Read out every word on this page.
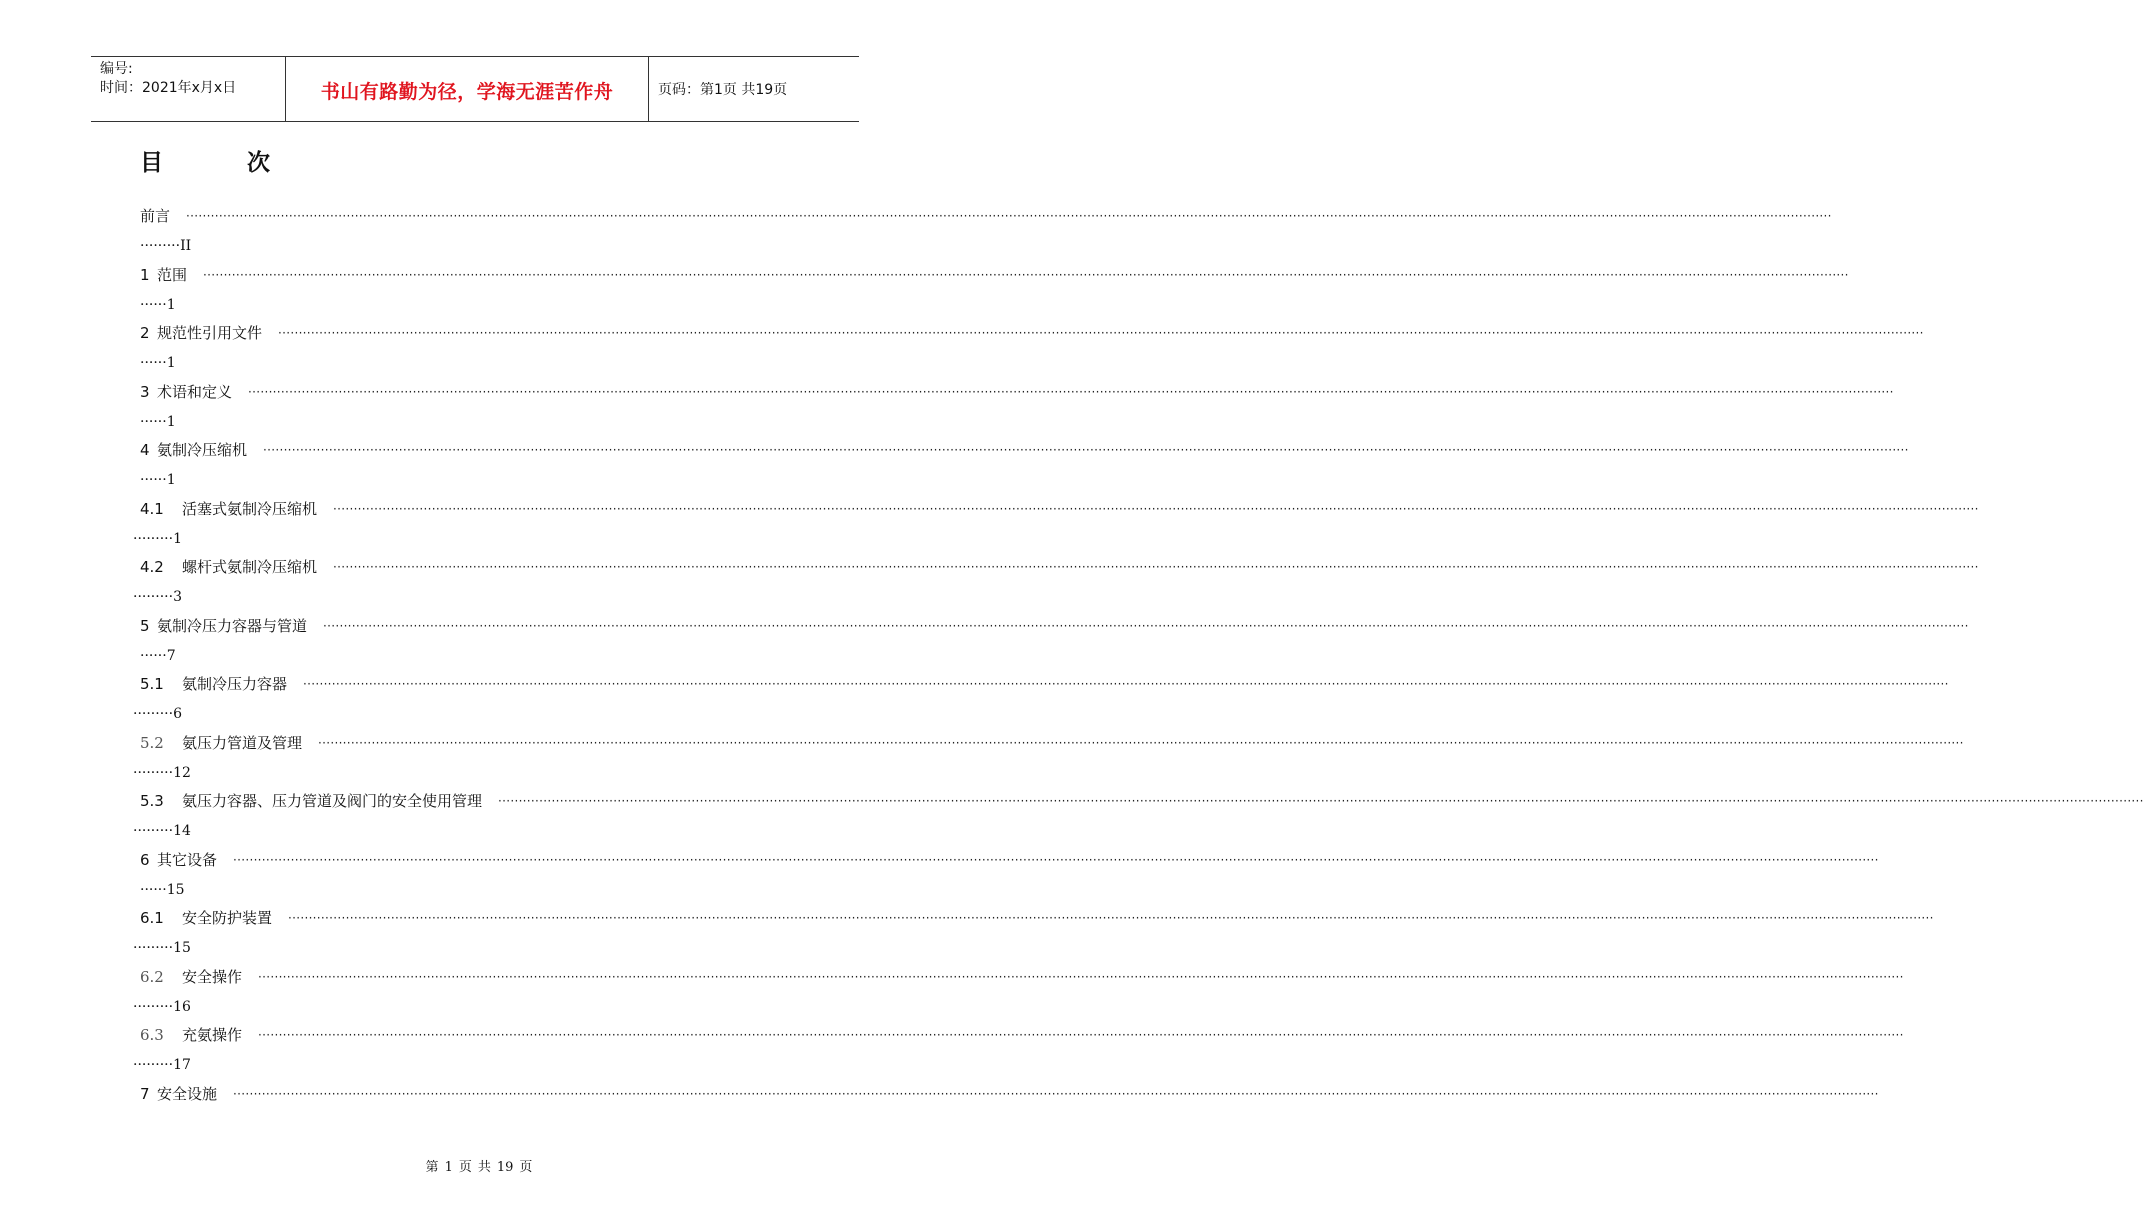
编号:
时间：2021年x月x日	书山有路勤为径，学海无涯苦作舟	页码：第1页 共19页
目 次
前言 ················································································································································································································································································································································································································
·········II
1 范围 ················································································································································································································································································································································································································
······1
2 规范性引用文件 ················································································································································································································································································································································································································
······1
3 术语和定义 ················································································································································································································································································································································································································
······1
4 氨制冷压缩机 ················································································································································································································································································································································································································
······1
4.1	活塞式氨制冷压缩机 ················································································································································································································································································································································································································
·········1
4.2	螺杆式氨制冷压缩机 ················································································································································································································································································································································································································
·········3
5 氨制冷压力容器与管道 ················································································································································································································································································································································································································
······7
5.1	氨制冷压力容器 ················································································································································································································································································································································································································
·········6
5.2	氨压力管道及管理 ················································································································································································································································································································································································································
·········12
5.3	氨压力容器、压力管道及阀门的安全使用管理 ················································································································································································································································································································································································································
·········14
6 其它设备 ················································································································································································································································································································································································································
······15
6.1	安全防护装置 ················································································································································································································································································································································································································
·········15
6.2	安全操作 ················································································································································································································································································································································································································
·········16
6.3	充氨操作 ················································································································································································································································································································································································································
·········17
7 安全设施 ················································································································································································································································································································································································································
第 1 页 共 19 页
